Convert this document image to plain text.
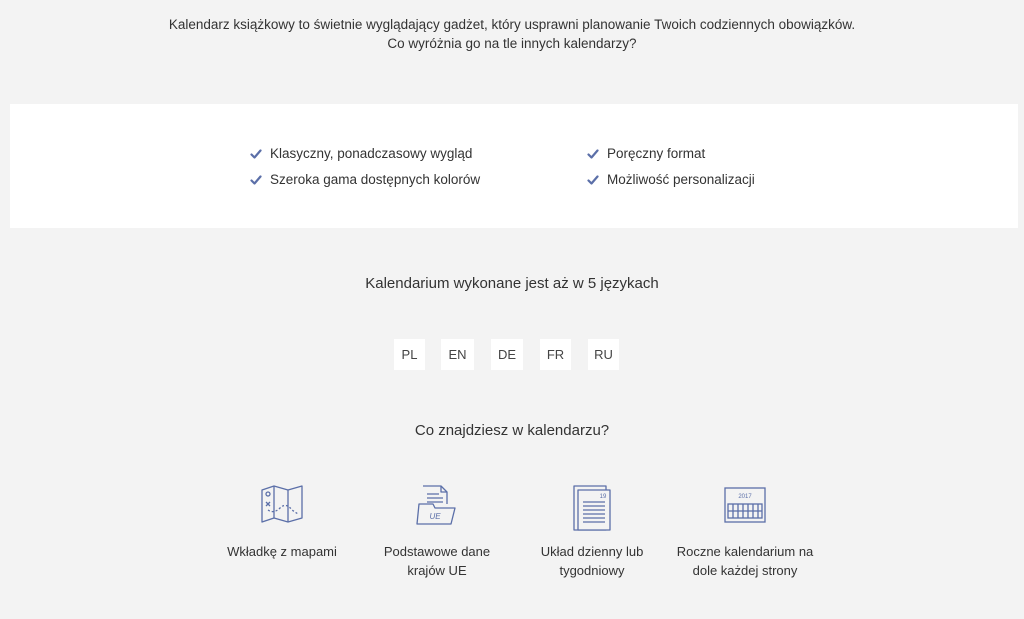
Kalendarz książkowy to świetnie wyglądający gadżet, który usprawni planowanie Twoich codziennych obowiązków.
Co wyróżnia go na tle innych kalendarzy?
Klasyczny, ponadczasowy wygląd
Szeroka gama dostępnych kolorów
Poręczny format
Możliwość personalizacji
Kalendarium wykonane jest aż w 5 językach
PL	EN	DE	FR	RU
Co znajdziesz w kalendarzu?
Wkładkę z mapami
UE
Podstawowe dane
krajów UE
19
Układ dzienny lub
tygodniowy
2017
Roczne kalendarium na
dole każdej strony
